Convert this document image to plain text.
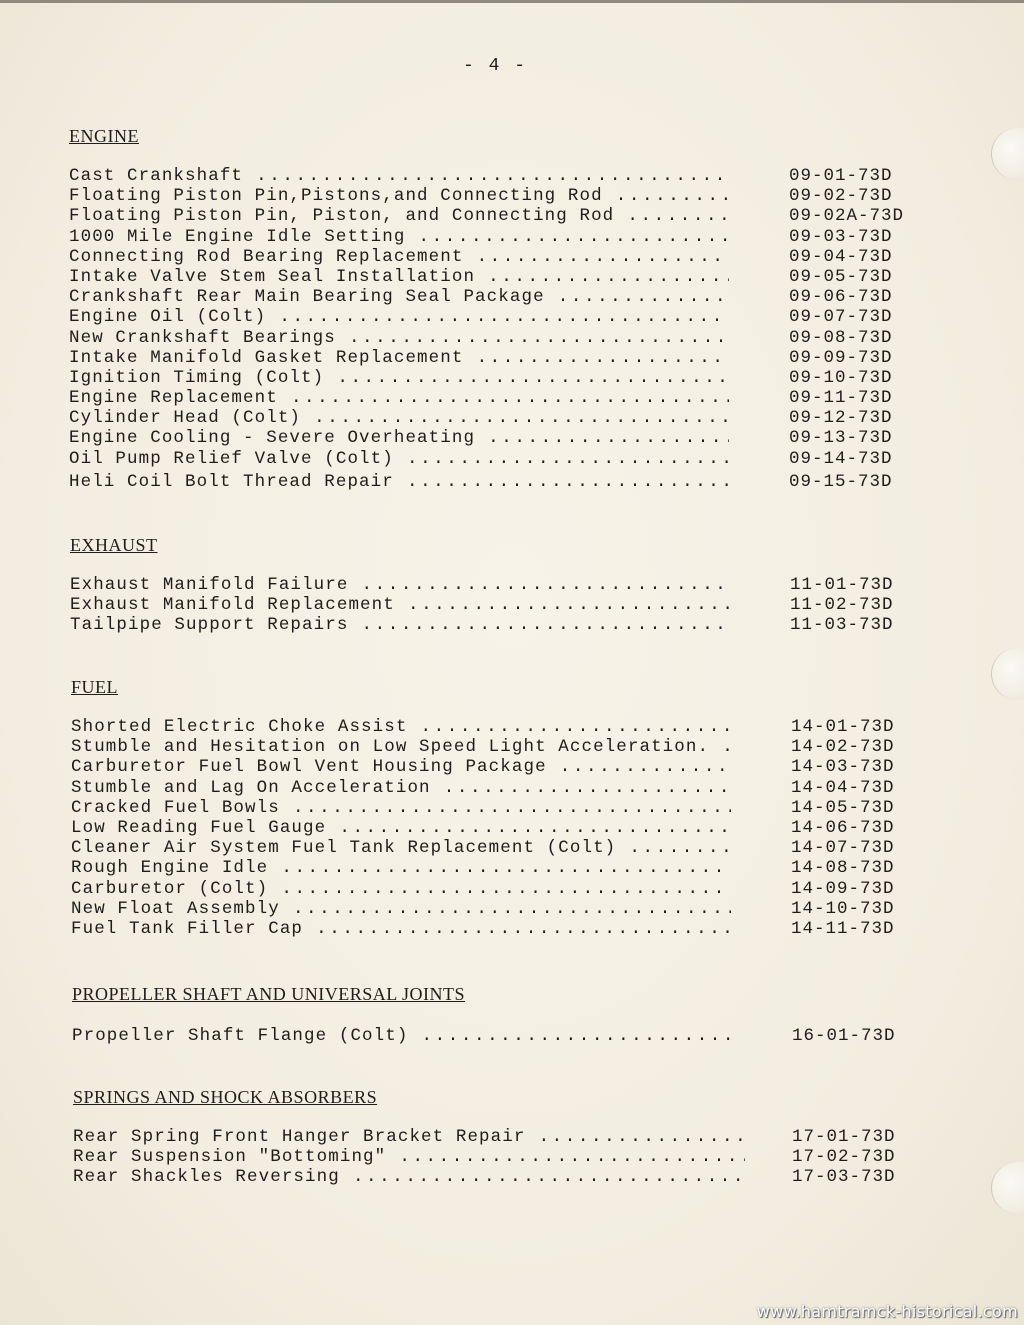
- 4 -
ENGINE
Cast Crankshaft .....	09-01-73D
Floating Piston Pin,Pistons,and Connecting Rod .....	09-02-73D
Floating Piston Pin, Piston, and Connecting Rod .....	09-02A-73D
1000 Mile Engine Idle Setting .....	09-03-73D
Connecting Rod Bearing Replacement .....	09-04-73D
Intake Valve Stem Seal Installation .....	09-05-73D
Crankshaft Rear Main Bearing Seal Package .....	09-06-73D
Engine Oil (Colt) .....	09-07-73D
New Crankshaft Bearings .....	09-08-73D
Intake Manifold Gasket Replacement .....	09-09-73D
Ignition Timing (Colt) .....	09-10-73D
Engine Replacement .....	09-11-73D
Cylinder Head (Colt) .....	09-12-73D
Engine Cooling - Severe Overheating .....	09-13-73D
Oil Pump Relief Valve (Colt) .....	09-14-73D
Heli Coil Bolt Thread Repair .....	09-15-73D
EXHAUST
Exhaust Manifold Failure .....	11-01-73D
Exhaust Manifold Replacement .....	11-02-73D
Tailpipe Support Repairs .....	11-03-73D
FUEL
Shorted Electric Choke Assist .....	14-01-73D
Stumble and Hesitation on Low Speed Light Acceleration. .....	14-02-73D
Carburetor Fuel Bowl Vent Housing Package .....	14-03-73D
Stumble and Lag On Acceleration .....	14-04-73D
Cracked Fuel Bowls .....	14-05-73D
Low Reading Fuel Gauge .....	14-06-73D
Cleaner Air System Fuel Tank Replacement (Colt) .....	14-07-73D
Rough Engine Idle .....	14-08-73D
Carburetor (Colt) .....	14-09-73D
New Float Assembly .....	14-10-73D
Fuel Tank Filler Cap .....	14-11-73D
PROPELLER SHAFT AND UNIVERSAL JOINTS
Propeller Shaft Flange (Colt) .....	16-01-73D
SPRINGS AND SHOCK ABSORBERS
Rear Spring Front Hanger Bracket Repair .....	17-01-73D
Rear Suspension "Bottoming" .....	17-02-73D
Rear Shackles Reversing .....	17-03-73D
www.hamtramck-historical.com
